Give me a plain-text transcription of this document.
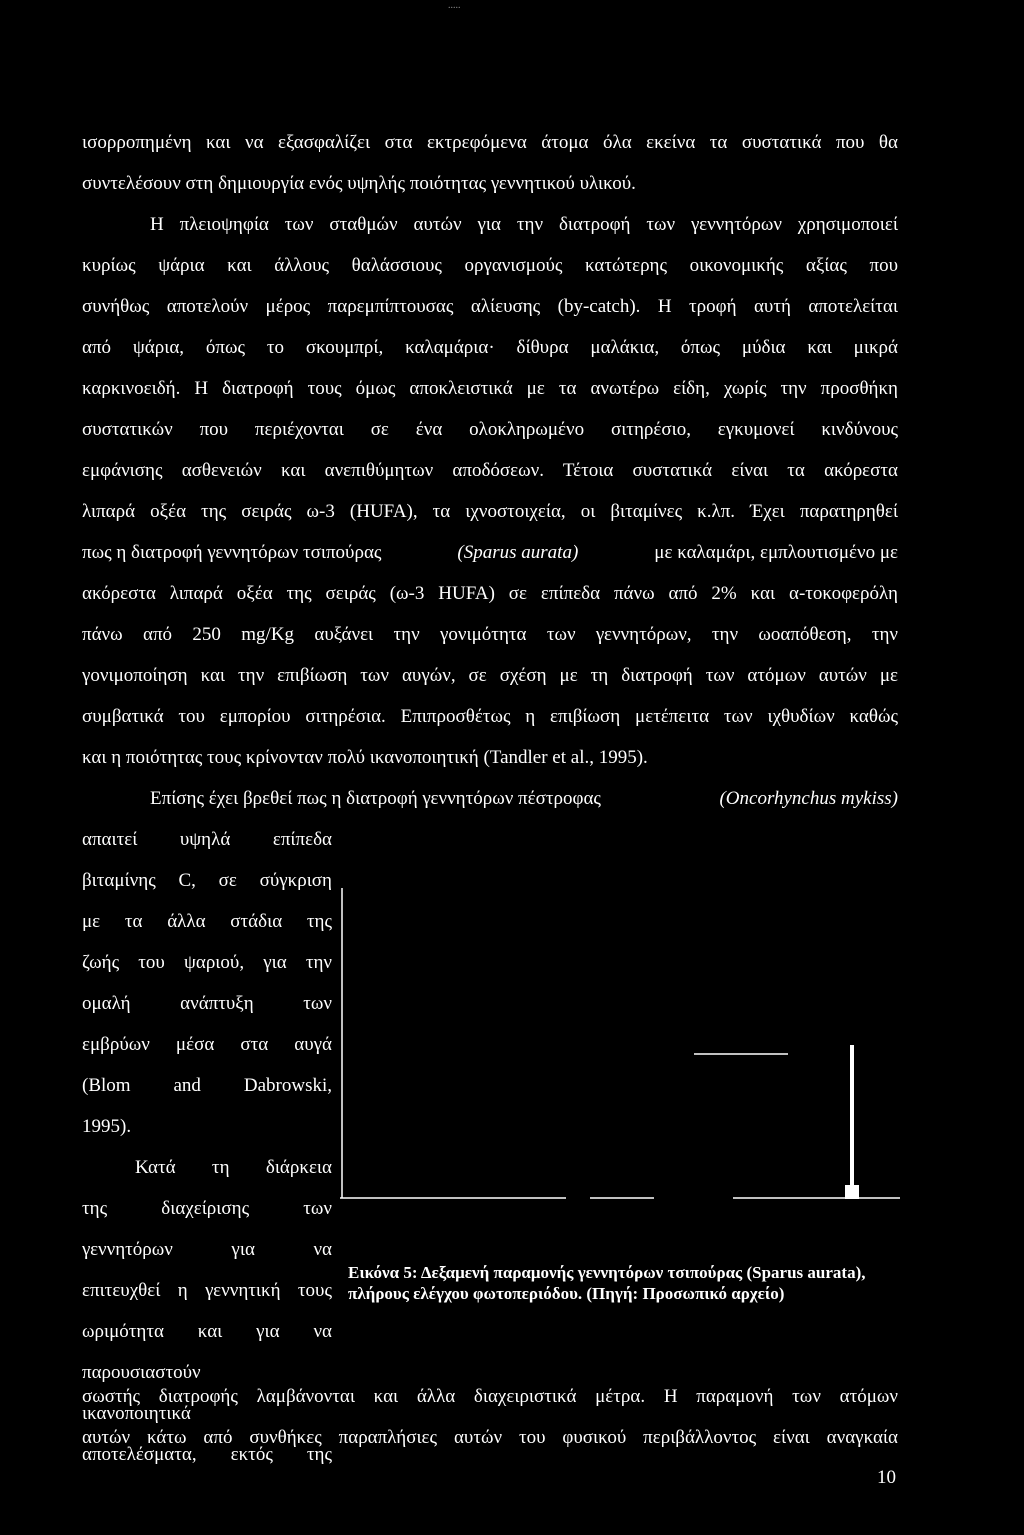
.....
ισορροπημένη και να εξασφαλίζει στα εκτρεφόμενα άτομα όλα εκείνα τα συστατικά που θα
συντελέσουν στη δημιουργία ενός υψηλής ποιότητας γεννητικού υλικού.
Η πλειοψηφία των σταθμών αυτών για την διατροφή των γεννητόρων χρησιμοποιεί
κυρίως ψάρια και άλλους θαλάσσιους οργανισμούς κατώτερης οικονομικής αξίας που
συνήθως αποτελούν μέρος παρεμπίπτουσας αλίευσης (by-catch). Η τροφή αυτή αποτελείται
από ψάρια, όπως το σκουμπρί, καλαμάρια· δίθυρα μαλάκια, όπως μύδια και μικρά
καρκινοειδή. Η διατροφή τους όμως αποκλειστικά με τα ανωτέρω είδη, χωρίς την προσθήκη
συστατικών που περιέχονται σε ένα ολοκληρωμένο σιτηρέσιο, εγκυμονεί κινδύνους
εμφάνισης ασθενειών και ανεπιθύμητων αποδόσεων. Τέτοια συστατικά είναι τα ακόρεστα
λιπαρά οξέα της σειράς ω-3 (HUFA), τα ιχνοστοιχεία, οι βιταμίνες κ.λπ. Έχει παρατηρηθεί
πως η διατροφή γεννητόρων τσιπούρας	(Sparus aurata)	με καλαμάρι, εμπλουτισμένο με
ακόρεστα λιπαρά οξέα της σειράς (ω-3 HUFA) σε επίπεδα πάνω από 2% και α-τοκοφερόλη
πάνω από 250 mg/Kg αυξάνει την γονιμότητα των γεννητόρων, την ωοαπόθεση, την
γονιμοποίηση και την επιβίωση των αυγών, σε σχέση με τη διατροφή των ατόμων αυτών με
συμβατικά του εμπορίου σιτηρέσια. Επιπροσθέτως η επιβίωση μετέπειτα των ιχθυδίων καθώς
και η ποιότητας τους κρίνονταν πολύ ικανοποιητική (Tandler et al., 1995).
Επίσης έχει βρεθεί πως η διατροφή γεννητόρων πέστροφας	(Oncorhynchus mykiss)
απαιτεί υψηλά επίπεδα
βιταμίνης C, σε σύγκριση
με τα άλλα στάδια της
ζωής του ψαριού, για την
ομαλή ανάπτυξη των
εμβρύων μέσα στα αυγά
(Blom and Dabrowski,
1995).
Κατά τη διάρκεια
της διαχείρισης των
γεννητόρων για να
επιτευχθεί η γεννητική τους
ωριμότητα και για να
παρουσιαστούν
ικανοποιητικά
αποτελέσματα, εκτός της
Εικόνα 5: Δεξαμενή παραμονής γεννητόρων τσιπούρας (Sparus aurata), πλήρους ελέγχου φωτοπεριόδου. (Πηγή: Προσωπικό αρχείο)
σωστής διατροφής λαμβάνονται και άλλα διαχειριστικά μέτρα. Η παραμονή των ατόμων
αυτών κάτω από συνθήκες παραπλήσιες αυτών του φυσικού περιβάλλοντος είναι αναγκαία
10
